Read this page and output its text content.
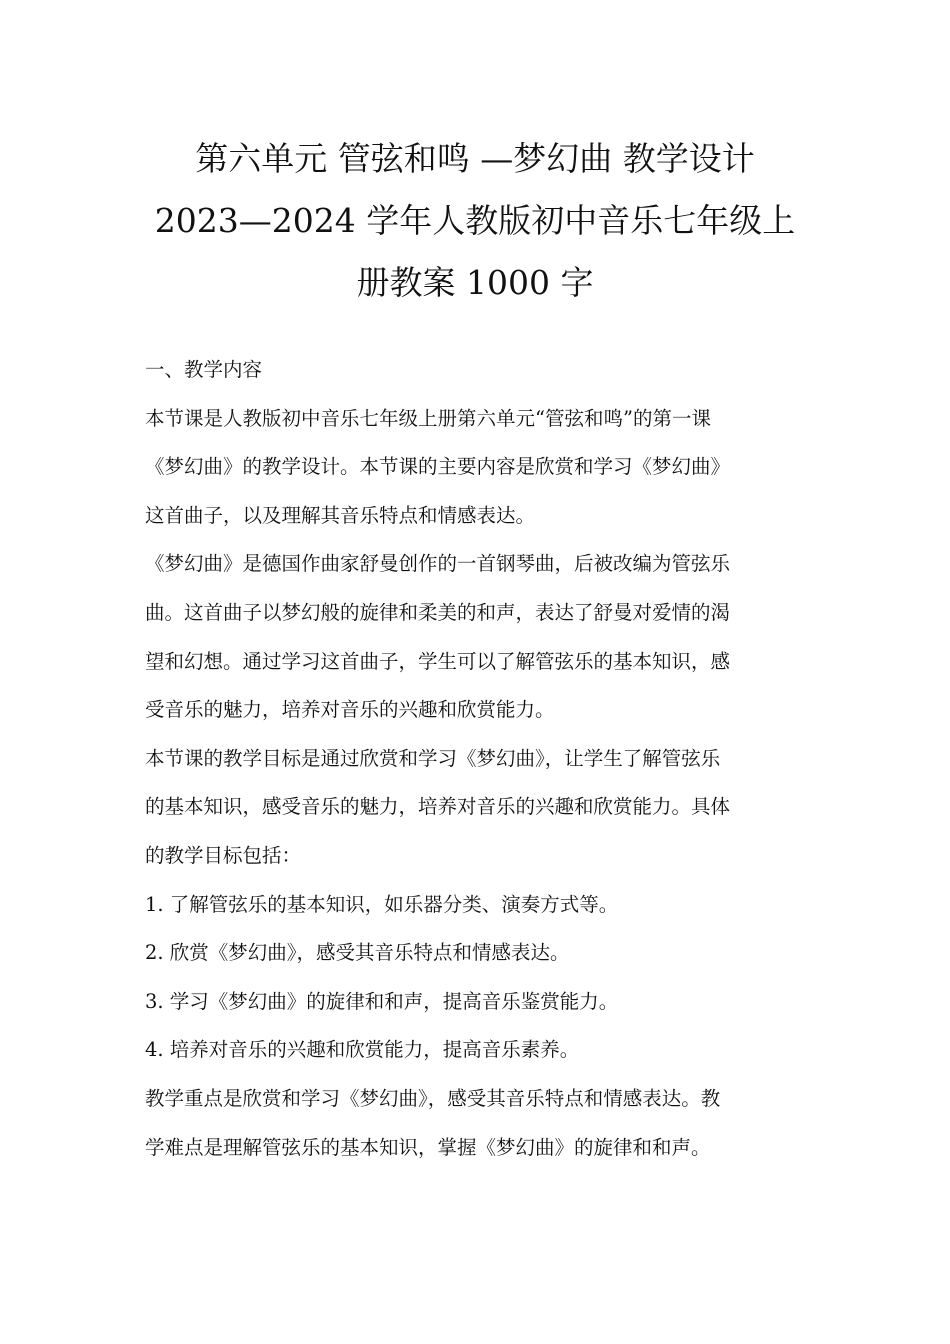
第六单元 管弦和鸣 —梦幻曲 教学设计
2023—2024 学年人教版初中音乐七年级上
册教案 1000 字
一、教学内容
本节课是人教版初中音乐七年级上册第六单元“管弦和鸣”的第一课
《梦幻曲》的教学设计。本节课的主要内容是欣赏和学习《梦幻曲》
这首曲子，以及理解其音乐特点和情感表达。
《梦幻曲》是德国作曲家舒曼创作的一首钢琴曲，后被改编为管弦乐
曲。这首曲子以梦幻般的旋律和柔美的和声，表达了舒曼对爱情的渴
望和幻想。通过学习这首曲子，学生可以了解管弦乐的基本知识，感
受音乐的魅力，培养对音乐的兴趣和欣赏能力。
本节课的教学目标是通过欣赏和学习《梦幻曲》，让学生了解管弦乐
的基本知识，感受音乐的魅力，培养对音乐的兴趣和欣赏能力。具体
的教学目标包括：
1. 了解管弦乐的基本知识，如乐器分类、演奏方式等。
2. 欣赏《梦幻曲》，感受其音乐特点和情感表达。
3. 学习《梦幻曲》的旋律和和声，提高音乐鉴赏能力。
4. 培养对音乐的兴趣和欣赏能力，提高音乐素养。
教学重点是欣赏和学习《梦幻曲》，感受其音乐特点和情感表达。教
学难点是理解管弦乐的基本知识，掌握《梦幻曲》的旋律和和声。
